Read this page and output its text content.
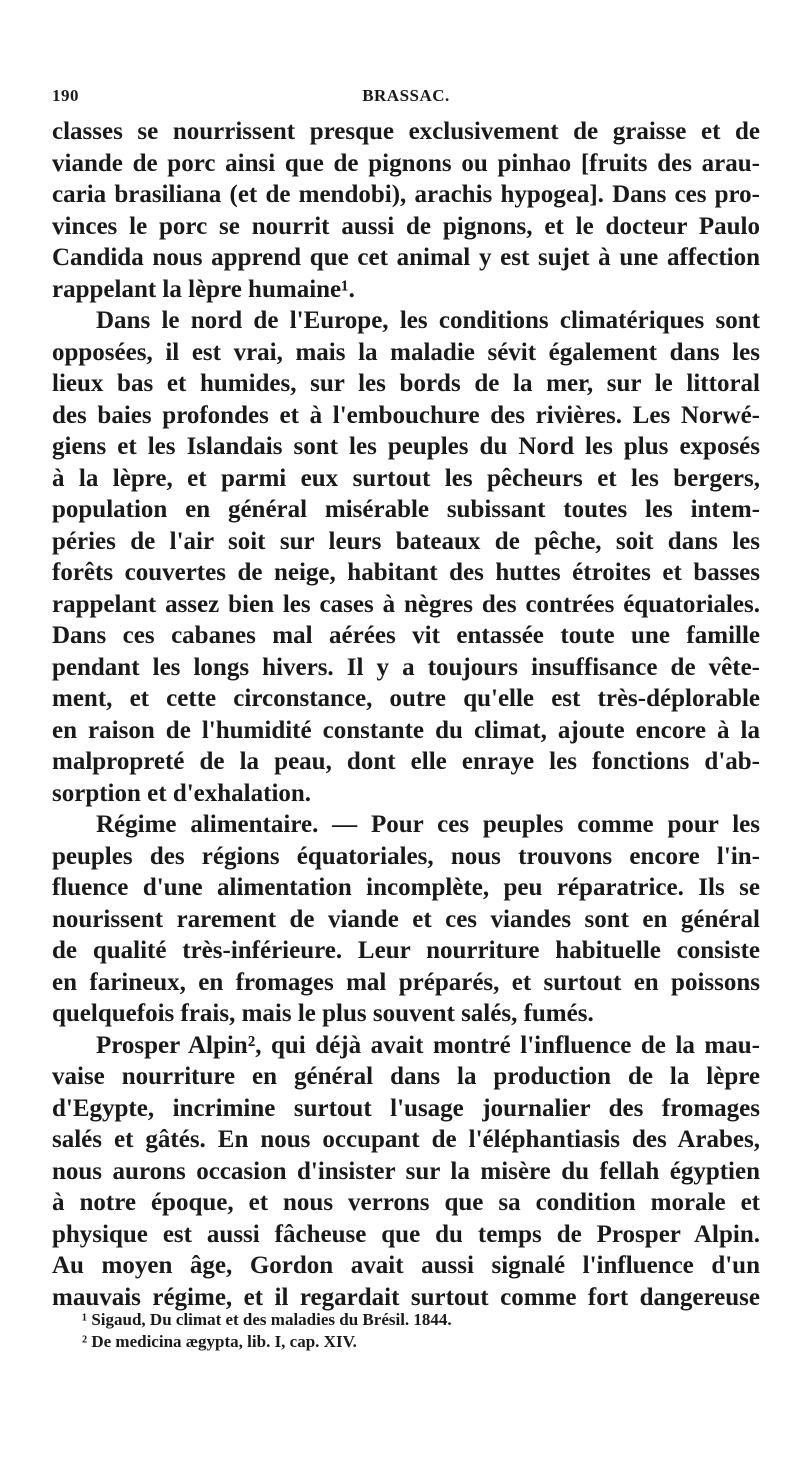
190	BRASSAC.
classes se nourrissent presque exclusivement de graisse et de
viande de porc ainsi que de pignons ou pinhao [fruits des arau-
caria brasiliana (et de mendobi), arachis hypogea]. Dans ces pro-
vinces le porc se nourrit aussi de pignons, et le docteur Paulo
Candida nous apprend que cet animal y est sujet à une affection
rappelant la lèpre humaine¹.
Dans le nord de l'Europe, les conditions climatériques sont
opposées, il est vrai, mais la maladie sévit également dans les
lieux bas et humides, sur les bords de la mer, sur le littoral
des baies profondes et à l'embouchure des rivières. Les Norwé-
giens et les Islandais sont les peuples du Nord les plus exposés
à la lèpre, et parmi eux surtout les pêcheurs et les bergers,
population en général misérable subissant toutes les intem-
péries de l'air soit sur leurs bateaux de pêche, soit dans les
forêts couvertes de neige, habitant des huttes étroites et basses
rappelant assez bien les cases à nègres des contrées équatoriales.
Dans ces cabanes mal aérées vit entassée toute une famille
pendant les longs hivers. Il y a toujours insuffisance de vête-
ment, et cette circonstance, outre qu'elle est très-déplorable
en raison de l'humidité constante du climat, ajoute encore à la
malpropreté de la peau, dont elle enraye les fonctions d'ab-
sorption et d'exhalation.
Régime alimentaire. — Pour ces peuples comme pour les
peuples des régions équatoriales, nous trouvons encore l'in-
fluence d'une alimentation incomplète, peu réparatrice. Ils se
nourissent rarement de viande et ces viandes sont en général
de qualité très-inférieure. Leur nourriture habituelle consiste
en farineux, en fromages mal préparés, et surtout en poissons
quelquefois frais, mais le plus souvent salés, fumés.
Prosper Alpin², qui déjà avait montré l'influence de la mau-
vaise nourriture en général dans la production de la lèpre
d'Egypte, incrimine surtout l'usage journalier des fromages
salés et gâtés. En nous occupant de l'éléphantiasis des Arabes,
nous aurons occasion d'insister sur la misère du fellah égyptien
à notre époque, et nous verrons que sa condition morale et
physique est aussi fâcheuse que du temps de Prosper Alpin.
Au moyen âge, Gordon avait aussi signalé l'influence d'un
mauvais régime, et il regardait surtout comme fort dangereuse
¹ Sigaud, Du climat et des maladies du Brésil. 1844.
² De medicina ægypta, lib. I, cap. XIV.
